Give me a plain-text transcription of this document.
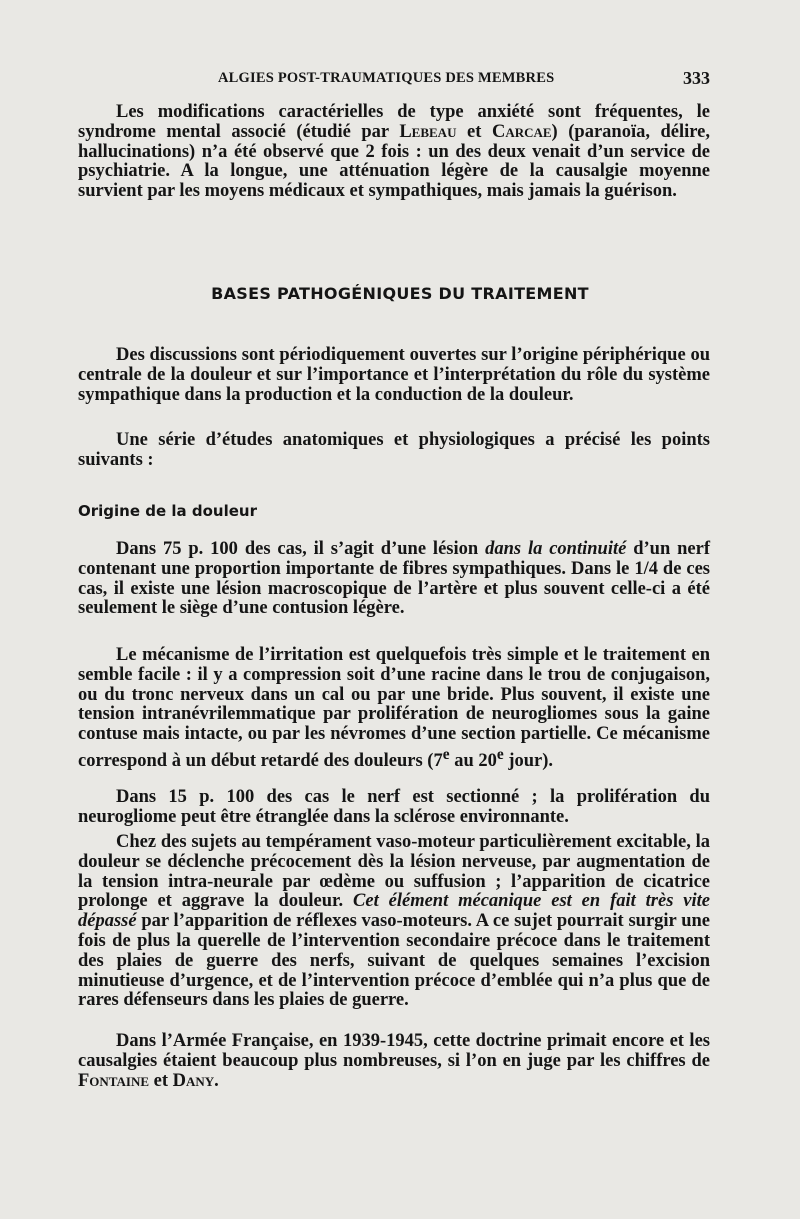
ALGIES POST-TRAUMATIQUES DES MEMBRES	333

Les modifications caractérielles de type anxiété sont fréquentes, le syndrome mental associé (étudié par Lebeau et Carcae) (paranoïa, délire, hallucinations) n’a été observé que 2 fois : un des deux venait d’un service de psychiatrie. A la longue, une atténuation légère de la causalgie moyenne survient par les moyens médicaux et sympathiques, mais jamais la guérison.

BASES PATHOGÉNIQUES DU TRAITEMENT

Des discussions sont périodiquement ouvertes sur l’origine périphérique ou centrale de la douleur et sur l’importance et l’interprétation du rôle du système sympathique dans la production et la conduction de la douleur.

Une série d’études anatomiques et physiologiques a précisé les points suivants :

Origine de la douleur

Dans 75 p. 100 des cas, il s’agit d’une lésion dans la continuité d’un nerf contenant une proportion importante de fibres sympathiques. Dans le 1/4 de ces cas, il existe une lésion macroscopique de l’artère et plus souvent celle-ci a été seulement le siège d’une contusion légère.

Le mécanisme de l’irritation est quelquefois très simple et le traitement en semble facile : il y a compression soit d’une racine dans le trou de conjugaison, ou du tronc nerveux dans un cal ou par une bride. Plus souvent, il existe une tension intranévrilemmatique par prolifération de neurogliomes sous la gaine contuse mais intacte, ou par les névromes d’une section partielle. Ce mécanisme correspond à un début retardé des douleurs (7e au 20e jour).

Dans 15 p. 100 des cas le nerf est sectionné ; la prolifération du neurogliome peut être étranglée dans la sclérose environnante.

Chez des sujets au tempérament vaso-moteur particulièrement excitable, la douleur se déclenche précocement dès la lésion nerveuse, par augmentation de la tension intra-neurale par œdème ou suffusion ; l’apparition de cicatrice prolonge et aggrave la douleur. Cet élément mécanique est en fait très vite dépassé par l’apparition de réflexes vaso-moteurs. A ce sujet pourrait surgir une fois de plus la querelle de l’intervention secondaire précoce dans le traitement des plaies de guerre des nerfs, suivant de quelques semaines l’excision minutieuse d’urgence, et de l’intervention précoce d’emblée qui n’a plus que de rares défenseurs dans les plaies de guerre.

Dans l’Armée Française, en 1939-1945, cette doctrine primait encore et les causalgies étaient beaucoup plus nombreuses, si l’on en juge par les chiffres de Fontaine et Dany.
